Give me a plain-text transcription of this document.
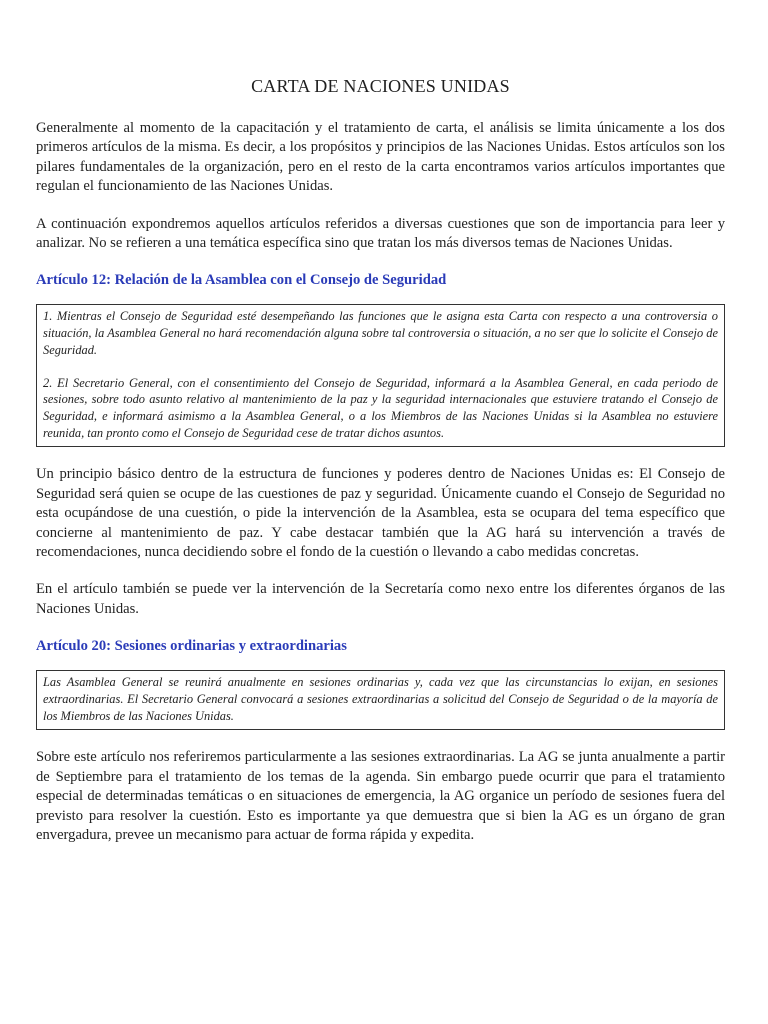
CARTA DE NACIONES UNIDAS

Generalmente al momento de la capacitación y el tratamiento de carta, el análisis se limita únicamente a los dos primeros artículos de la misma. Es decir, a los propósitos y principios de las Naciones Unidas. Estos artículos son los pilares fundamentales de la organización, pero en el resto de la carta encontramos varios artículos importantes que regulan el funcionamiento de las Naciones Unidas.

A continuación expondremos aquellos artículos referidos a diversas cuestiones que son de importancia para leer y analizar. No se refieren a una temática específica sino que tratan los más diversos temas de Naciones Unidas.

Artículo 12: Relación de la Asamblea con el Consejo de Seguridad

1. Mientras el Consejo de Seguridad esté desempeñando las funciones que le asigna esta Carta con respecto a una controversia o situación, la Asamblea General no hará recomendación alguna sobre tal controversia o situación, a no ser que lo solicite el Consejo de Seguridad.

2. El Secretario General, con el consentimiento del Consejo de Seguridad, informará a la Asamblea General, en cada periodo de sesiones, sobre todo asunto relativo al mantenimiento de la paz y la seguridad internacionales que estuviere tratando el Consejo de Seguridad, e informará asimismo a la Asamblea General, o a los Miembros de las Naciones Unidas si la Asamblea no estuviere reunida, tan pronto como el Consejo de Seguridad cese de tratar dichos asuntos.

Un principio básico dentro de la estructura de funciones y poderes dentro de Naciones Unidas es: El Consejo de Seguridad será quien se ocupe de las cuestiones de paz y seguridad. Únicamente cuando el Consejo de Seguridad no esta ocupándose de una cuestión, o pide la intervención de la Asamblea, esta se ocupara del tema específico que concierne al mantenimiento de paz. Y cabe destacar también que la AG hará su intervención a través de recomendaciones, nunca decidiendo sobre el fondo de la cuestión o llevando a cabo medidas concretas.

En el artículo también se puede ver la intervención de la Secretaría como nexo entre los diferentes órganos de las Naciones Unidas.

Artículo 20: Sesiones ordinarias y extraordinarias

Las Asamblea General se reunirá anualmente en sesiones ordinarias y, cada vez que las circunstancias lo exijan, en sesiones extraordinarias. El Secretario General convocará a sesiones extraordinarias a solicitud del Consejo de Seguridad o de la mayoría de los Miembros de las Naciones Unidas.

Sobre este artículo nos referiremos particularmente a las sesiones extraordinarias. La AG se junta anualmente a partir de Septiembre para el tratamiento de los temas de la agenda. Sin embargo puede ocurrir que para el tratamiento especial de determinadas temáticas o en situaciones de emergencia, la AG organice un período de sesiones fuera del previsto para resolver la cuestión. Esto es importante ya que demuestra que si bien la AG es un órgano de gran envergadura, prevee un mecanismo para actuar de forma rápida y expedita.
